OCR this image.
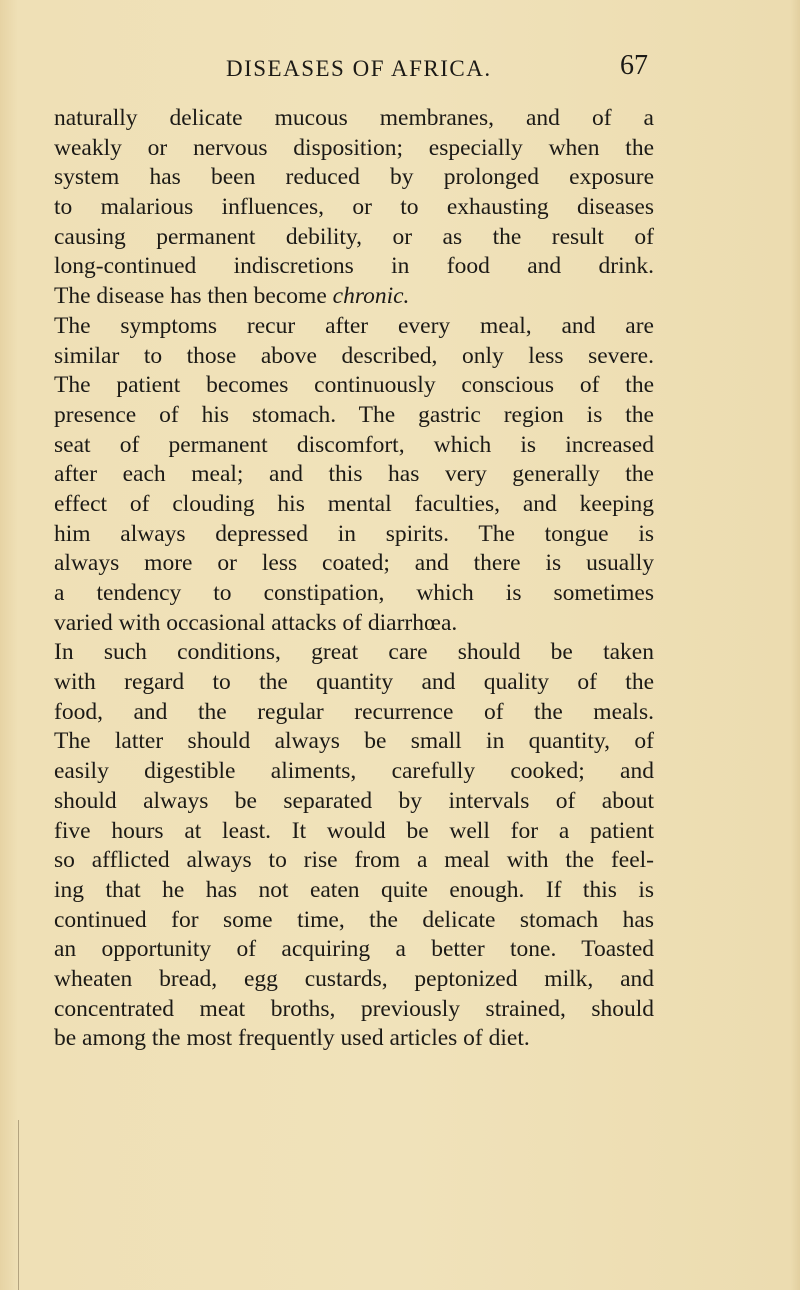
DISEASES OF AFRICA.	67
naturally delicate mucous membranes, and of a
weakly or nervous disposition; especially when the
system has been reduced by prolonged exposure
to malarious influences, or to exhausting diseases
causing permanent debility, or as the result of
long-continued indiscretions in food and drink.
The disease has then become chronic.
The symptoms recur after every meal, and are
similar to those above described, only less severe.
The patient becomes continuously conscious of the
presence of his stomach. The gastric region is the
seat of permanent discomfort, which is increased
after each meal; and this has very generally the
effect of clouding his mental faculties, and keeping
him always depressed in spirits. The tongue is
always more or less coated; and there is usually
a tendency to constipation, which is sometimes
varied with occasional attacks of diarrhœa.
In such conditions, great care should be taken
with regard to the quantity and quality of the
food, and the regular recurrence of the meals.
The latter should always be small in quantity, of
easily digestible aliments, carefully cooked; and
should always be separated by intervals of about
five hours at least. It would be well for a patient
so afflicted always to rise from a meal with the feel-
ing that he has not eaten quite enough. If this is
continued for some time, the delicate stomach has
an opportunity of acquiring a better tone. Toasted
wheaten bread, egg custards, peptonized milk, and
concentrated meat broths, previously strained, should
be among the most frequently used articles of diet.
